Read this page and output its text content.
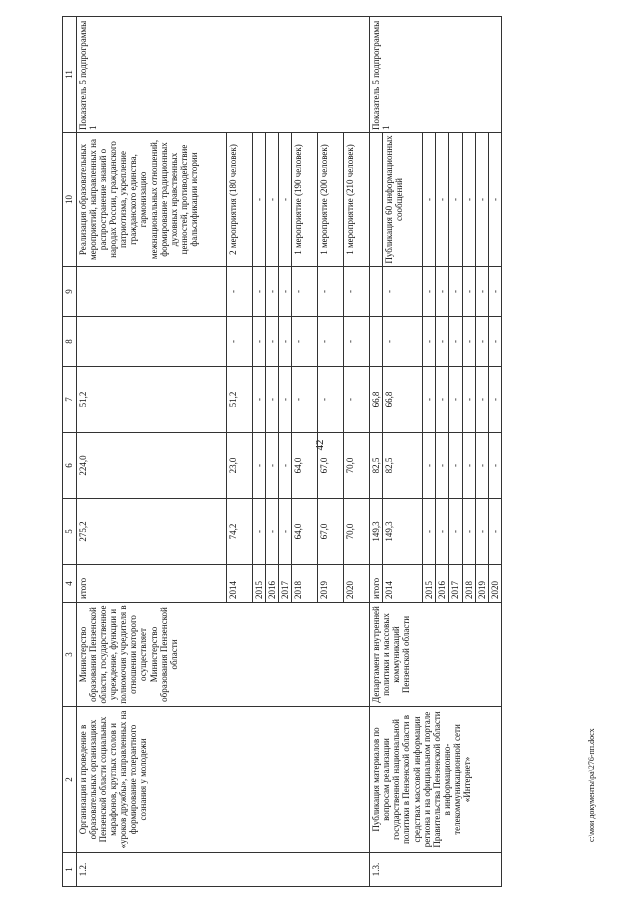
42
c:\мои документы\ра\276-пп.docx
1	2	3	4	5	6	7	8	9	10	11
1.2.	Организация и проведение в образовательных организациях Пензенской области социальных марафонов, круглых столов и «уроков дружбы», направленных на формирование толерантного сознания у молодежи	Министерство образования Пензенской области, государственное учреждение, функции и полномочия учредителя в отношении которого осуществляет Министерство образования Пензенской области	итого	275,2	224,0	51,2			Реализация образовательных мероприятий, направленных на распространение знаний о народах России, гражданского патриотизма, укрепление гражданского единства, гармонизацию межнациональных отношений, формирование традиционных духовных нравственных ценностей, противодействие фальсификации истории	Показатель 5 подпрограммы 1
			2014	74,2	23,0	51,2	-	-	2 мероприятия (180 человек)	
			2015	-	-	-	-	-	-	
			2016	-	-	-	-	-	-	
			2017	-	-	-	-	-	-	
			2018	64,0	64,0	-	-	-	1 мероприятие (190 человек)	
			2019	67,0	67,0	-	-	-	1 мероприятие (200 человек)	
			2020	70,0	70,0	-	-	-	1 мероприятие (210 человек)	
1.3.	Публикация материалов по вопросам реализации государственной национальной политики в Пензенской области в средствах массовой информации региона и на официальном портале Правительства Пензенской области в информационно-телекоммуникационной сети «Интернет»	Департамент внутренней политики и массовых коммуникаций Пензенской области	итого	149,3	82,5	66,8				Показатель 5 подпрограммы 1
			2014	149,3	82,5	66,8	-	-	Публикация 60 информационных сообщений	
			2015	-	-	-	-	-	-	
			2016	-	-	-	-	-	-	
			2017	-	-	-	-	-	-	
			2018	-	-	-	-	-	-	
			2019	-	-	-	-	-	-	
			2020	-	-	-	-	-	-	
